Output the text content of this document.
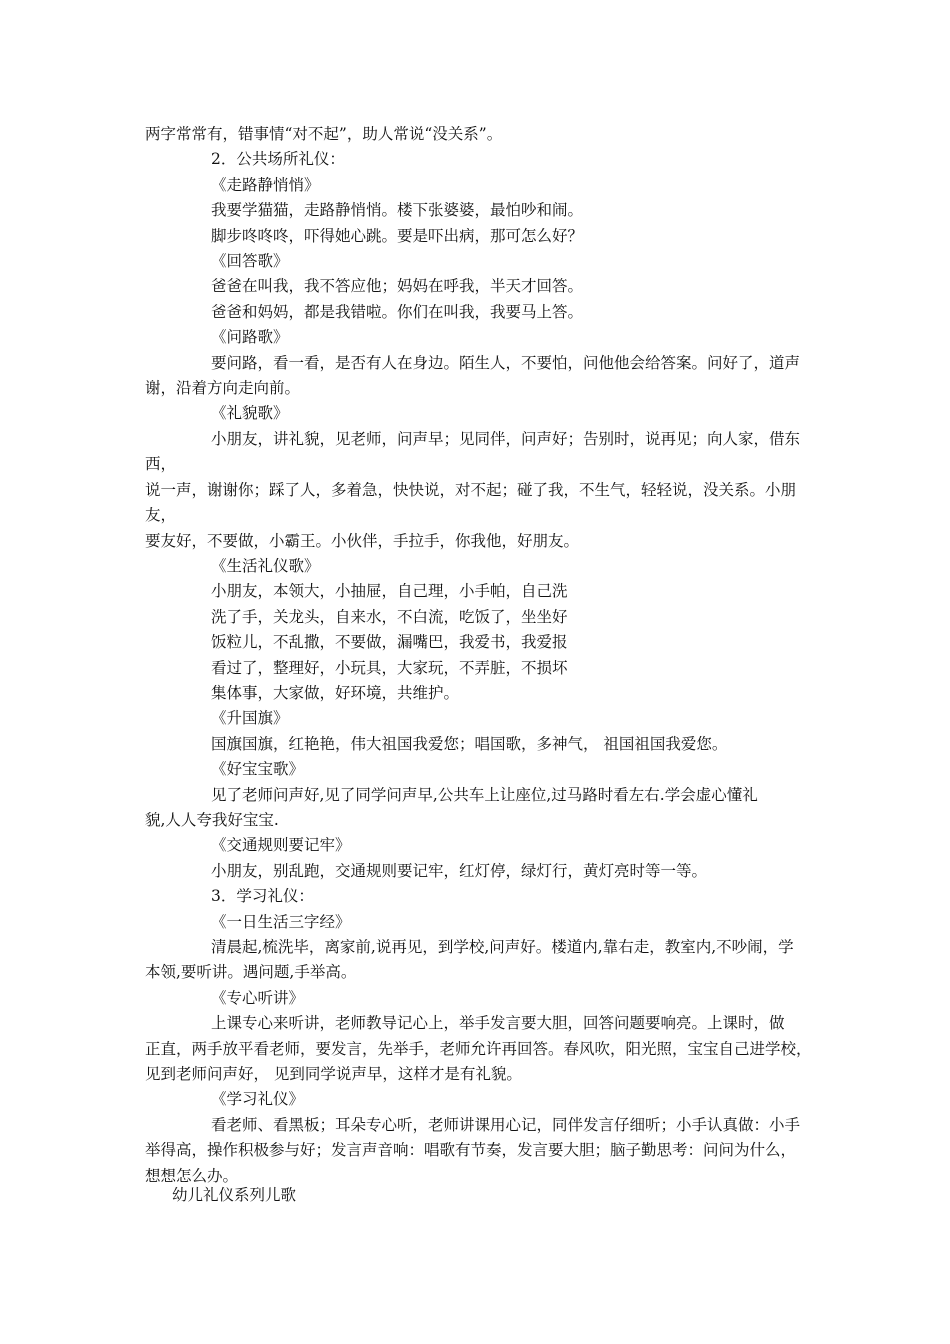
两字常常有，错事情“对不起”，助人常说“没关系”。

2．公共场所礼仪：

《走路静悄悄》

我要学猫猫，走路静悄悄。楼下张婆婆，最怕吵和闹。

脚步咚咚咚，吓得她心跳。要是吓出病，那可怎么好？

《回答歌》

爸爸在叫我，我不答应他；妈妈在呼我，半天才回答。

爸爸和妈妈，都是我错啦。你们在叫我，我要马上答。

《问路歌》

要问路，看一看，是否有人在身边。陌生人，不要怕，问他他会给答案。问好了，道声

谢，沿着方向走向前。

《礼貌歌》

小朋友，讲礼貌，见老师，问声早；见同伴，问声好；告别时，说再见；向人家，借东西，

说一声，谢谢你；踩了人，多着急，快快说，对不起；碰了我，不生气，轻轻说，没关系。小朋友，

要友好，不要做，小霸王。小伙伴，手拉手，你我他，好朋友。

《生活礼仪歌》

小朋友，本领大，小抽屉，自己理，小手帕，自己洗

洗了手，关龙头，自来水，不白流，吃饭了，坐坐好

饭粒儿，不乱撒，不要做，漏嘴巴，我爱书，我爱报

看过了，整理好，小玩具，大家玩，不弄脏，不损坏

集体事，大家做，好环境，共维护。

《升国旗》

国旗国旗，红艳艳，伟大祖国我爱您；唱国歌，多神气， 祖国祖国我爱您。

《好宝宝歌》

见了老师问声好,见了同学问声早,公共车上让座位,过马路时看左右.学会虚心懂礼

貌,人人夸我好宝宝.

《交通规则要记牢》

小朋友，别乱跑，交通规则要记牢，红灯停，绿灯行，黄灯亮时等一等。

3．学习礼仪：

《一日生活三字经》

清晨起,梳洗毕，离家前,说再见，到学校,问声好。楼道内,靠右走，教室内,不吵闹，学

本领,要听讲。遇问题,手举高。

《专心听讲》

上课专心来听讲，老师教导记心上，举手发言要大胆，回答问题要响亮。上课时，做

正直，两手放平看老师，要发言，先举手，老师允许再回答。春风吹，阳光照，宝宝自己进学校，

见到老师问声好， 见到同学说声早，这样才是有礼貌。

《学习礼仪》

看老师、看黑板；耳朵专心听，老师讲课用心记，同伴发言仔细听；小手认真做：小手

举得高，操作积极参与好；发言声音响：唱歌有节奏，发言要大胆；脑子勤思考：问问为什么，

想想怎么办。

幼儿礼仪系列儿歌
